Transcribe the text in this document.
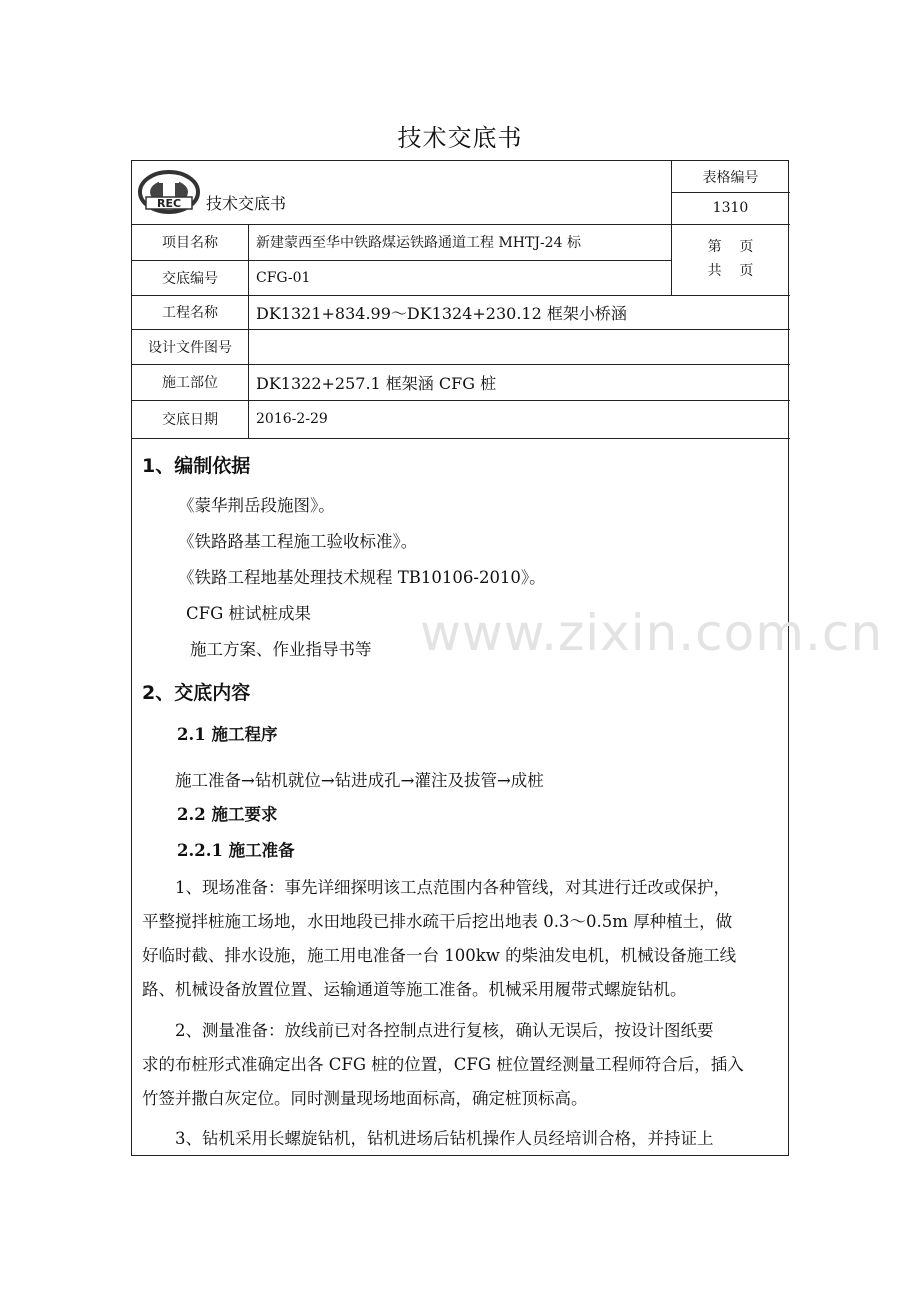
技术交底书
REC 技术交底书
表格编号
1310
第    页
共    页
项目名称	新建蒙西至华中铁路煤运铁路通道工程 MHTJ-24 标
交底编号	CFG-01
工程名称	DK1321+834.99～DK1324+230.12 框架小桥涵
设计文件图号
施工部位	DK1322+257.1 框架涵 CFG 桩
交底日期	2016-2-29
1、编制依据
《蒙华荆岳段施图》。
《铁路路基工程施工验收标准》。
《铁路工程地基处理技术规程 TB10106-2010》。
CFG 桩试桩成果
施工方案、作业指导书等
2、交底内容
2.1 施工程序
施工准备→钻机就位→钻进成孔→灌注及拔管→成桩
2.2 施工要求
2.2.1 施工准备
1、现场准备：事先详细探明该工点范围内各种管线，对其进行迁改或保护，
平整搅拌桩施工场地，水田地段已排水疏干后挖出地表 0.3～0.5m 厚种植土，做
好临时截、排水设施，施工用电准备一台 100kw 的柴油发电机，机械设备施工线
路、机械设备放置位置、运输通道等施工准备。机械采用履带式螺旋钻机。
2、测量准备：放线前已对各控制点进行复核，确认无误后，按设计图纸要
求的布桩形式准确定出各 CFG 桩的位置，CFG 桩位置经测量工程师符合后，插入
竹签并撒白灰定位。同时测量现场地面标高，确定桩顶标高。
3、钻机采用长螺旋钻机，钻机进场后钻机操作人员经培训合格，并持证上
www.zixin.com.cn
